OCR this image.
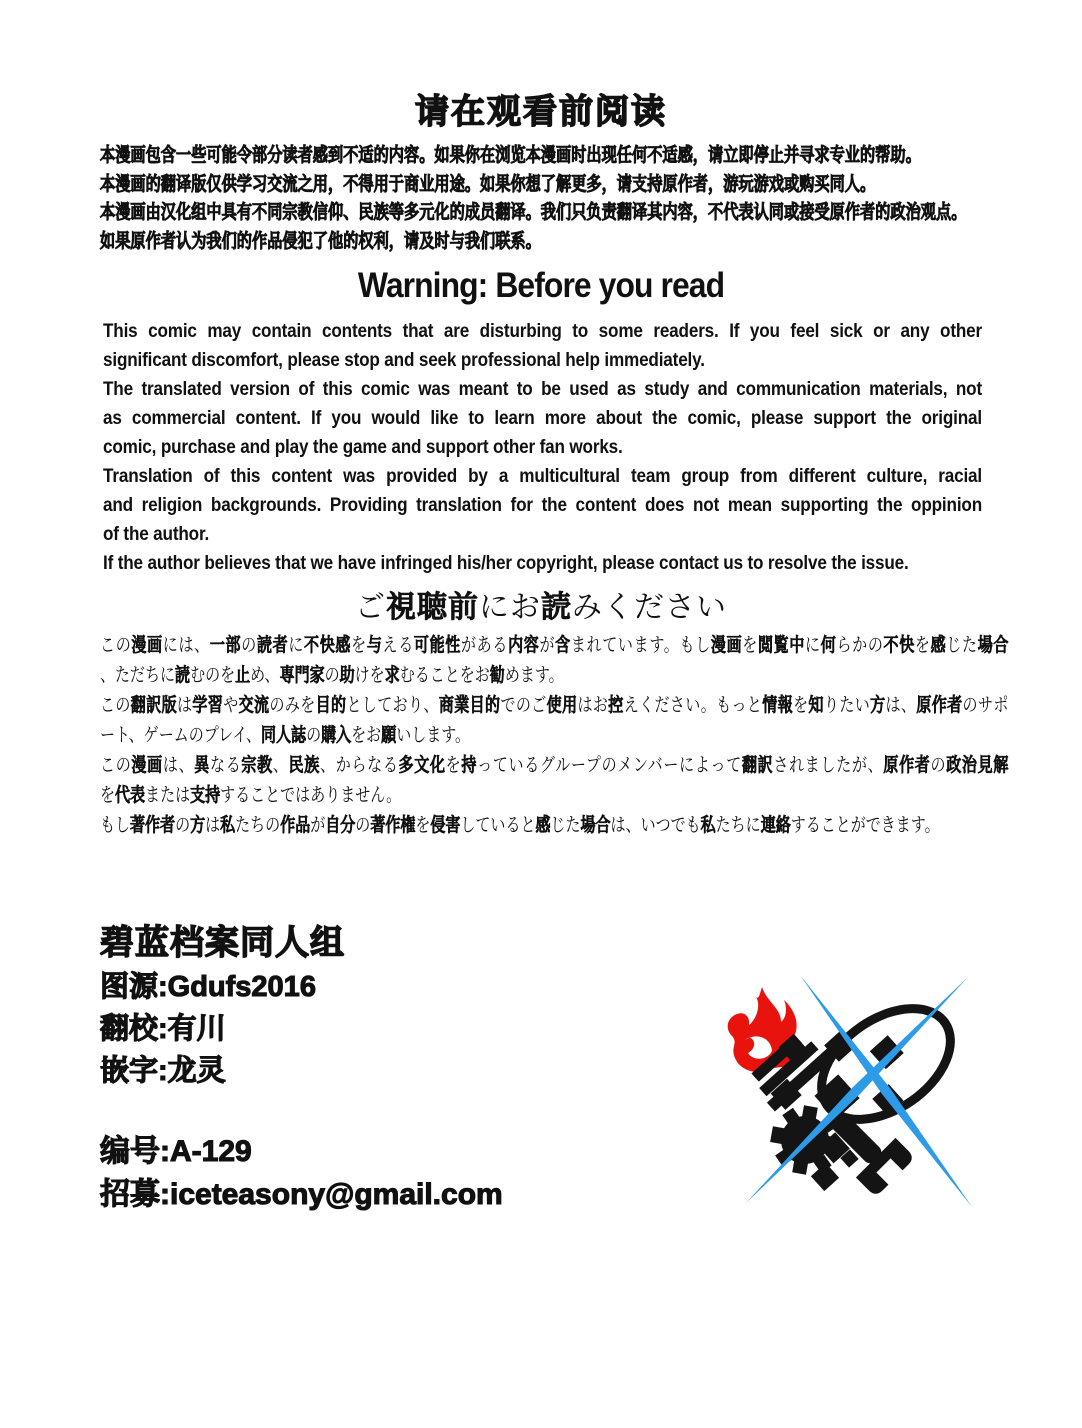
请在观看前阅读

本漫画包含一些可能令部分读者感到不适的内容。如果你在浏览本漫画时出现任何不适感，请立即停止并寻求专业的帮助。

本漫画的翻译版仅供学习交流之用，不得用于商业用途。如果你想了解更多，请支持原作者，游玩游戏或购买同人。

本漫画由汉化组中具有不同宗教信仰、民族等多元化的成员翻译。我们只负责翻译其内容，不代表认同或接受原作者的政治观点。

如果原作者认为我们的作品侵犯了他的权利，请及时与我们联系。

Warning: Before you read
This comic may contain contents that are disturbing to some readers. If you feel sick or any other
significant discomfort, please stop and seek professional help immediately.
The translated version of this comic was meant to be used as study and communication materials, not
as commercial content. If you would like to learn more about the comic, please support the original
comic, purchase and play the game and support other fan works.
Translation of this content was provided by a multicultural team group from different culture, racial
and religion backgrounds. Providing translation for the content does not mean supporting the oppinion
of the author.
If the author believes that we have infringed his/her copyright, please contact us to resolve the issue.
ご視聴前にお読みください
この漫画には、一部の読者に不快感を与える可能性がある内容が含まれています。もし漫画を閲覧中に何らかの不快を感じた場合
、ただちに読むのを止め、専門家の助けを求むることをお勧めます。
この翻訳版は学習や交流のみを目的としており、商業目的でのご使用はお控えください。もっと情報を知りたい方は、原作者のサポ
ート、ゲームのプレイ、同人誌の購入をお願いします。
この漫画は、異なる宗教、民族、からなる多文化を持っているグループのメンバーによって翻訳されましたが、原作者の政治見解
を代表または支持することではありません。
もし著作者の方は私たちの作品が自分の著作権を侵害していると感じた場合は、いつでも私たちに連絡することができます。

碧蓝档案同人组

图源:Gdufs2016

翻校:有川

嵌字:龙灵

编号:A-129

招募:iceteasony@gmail.com
